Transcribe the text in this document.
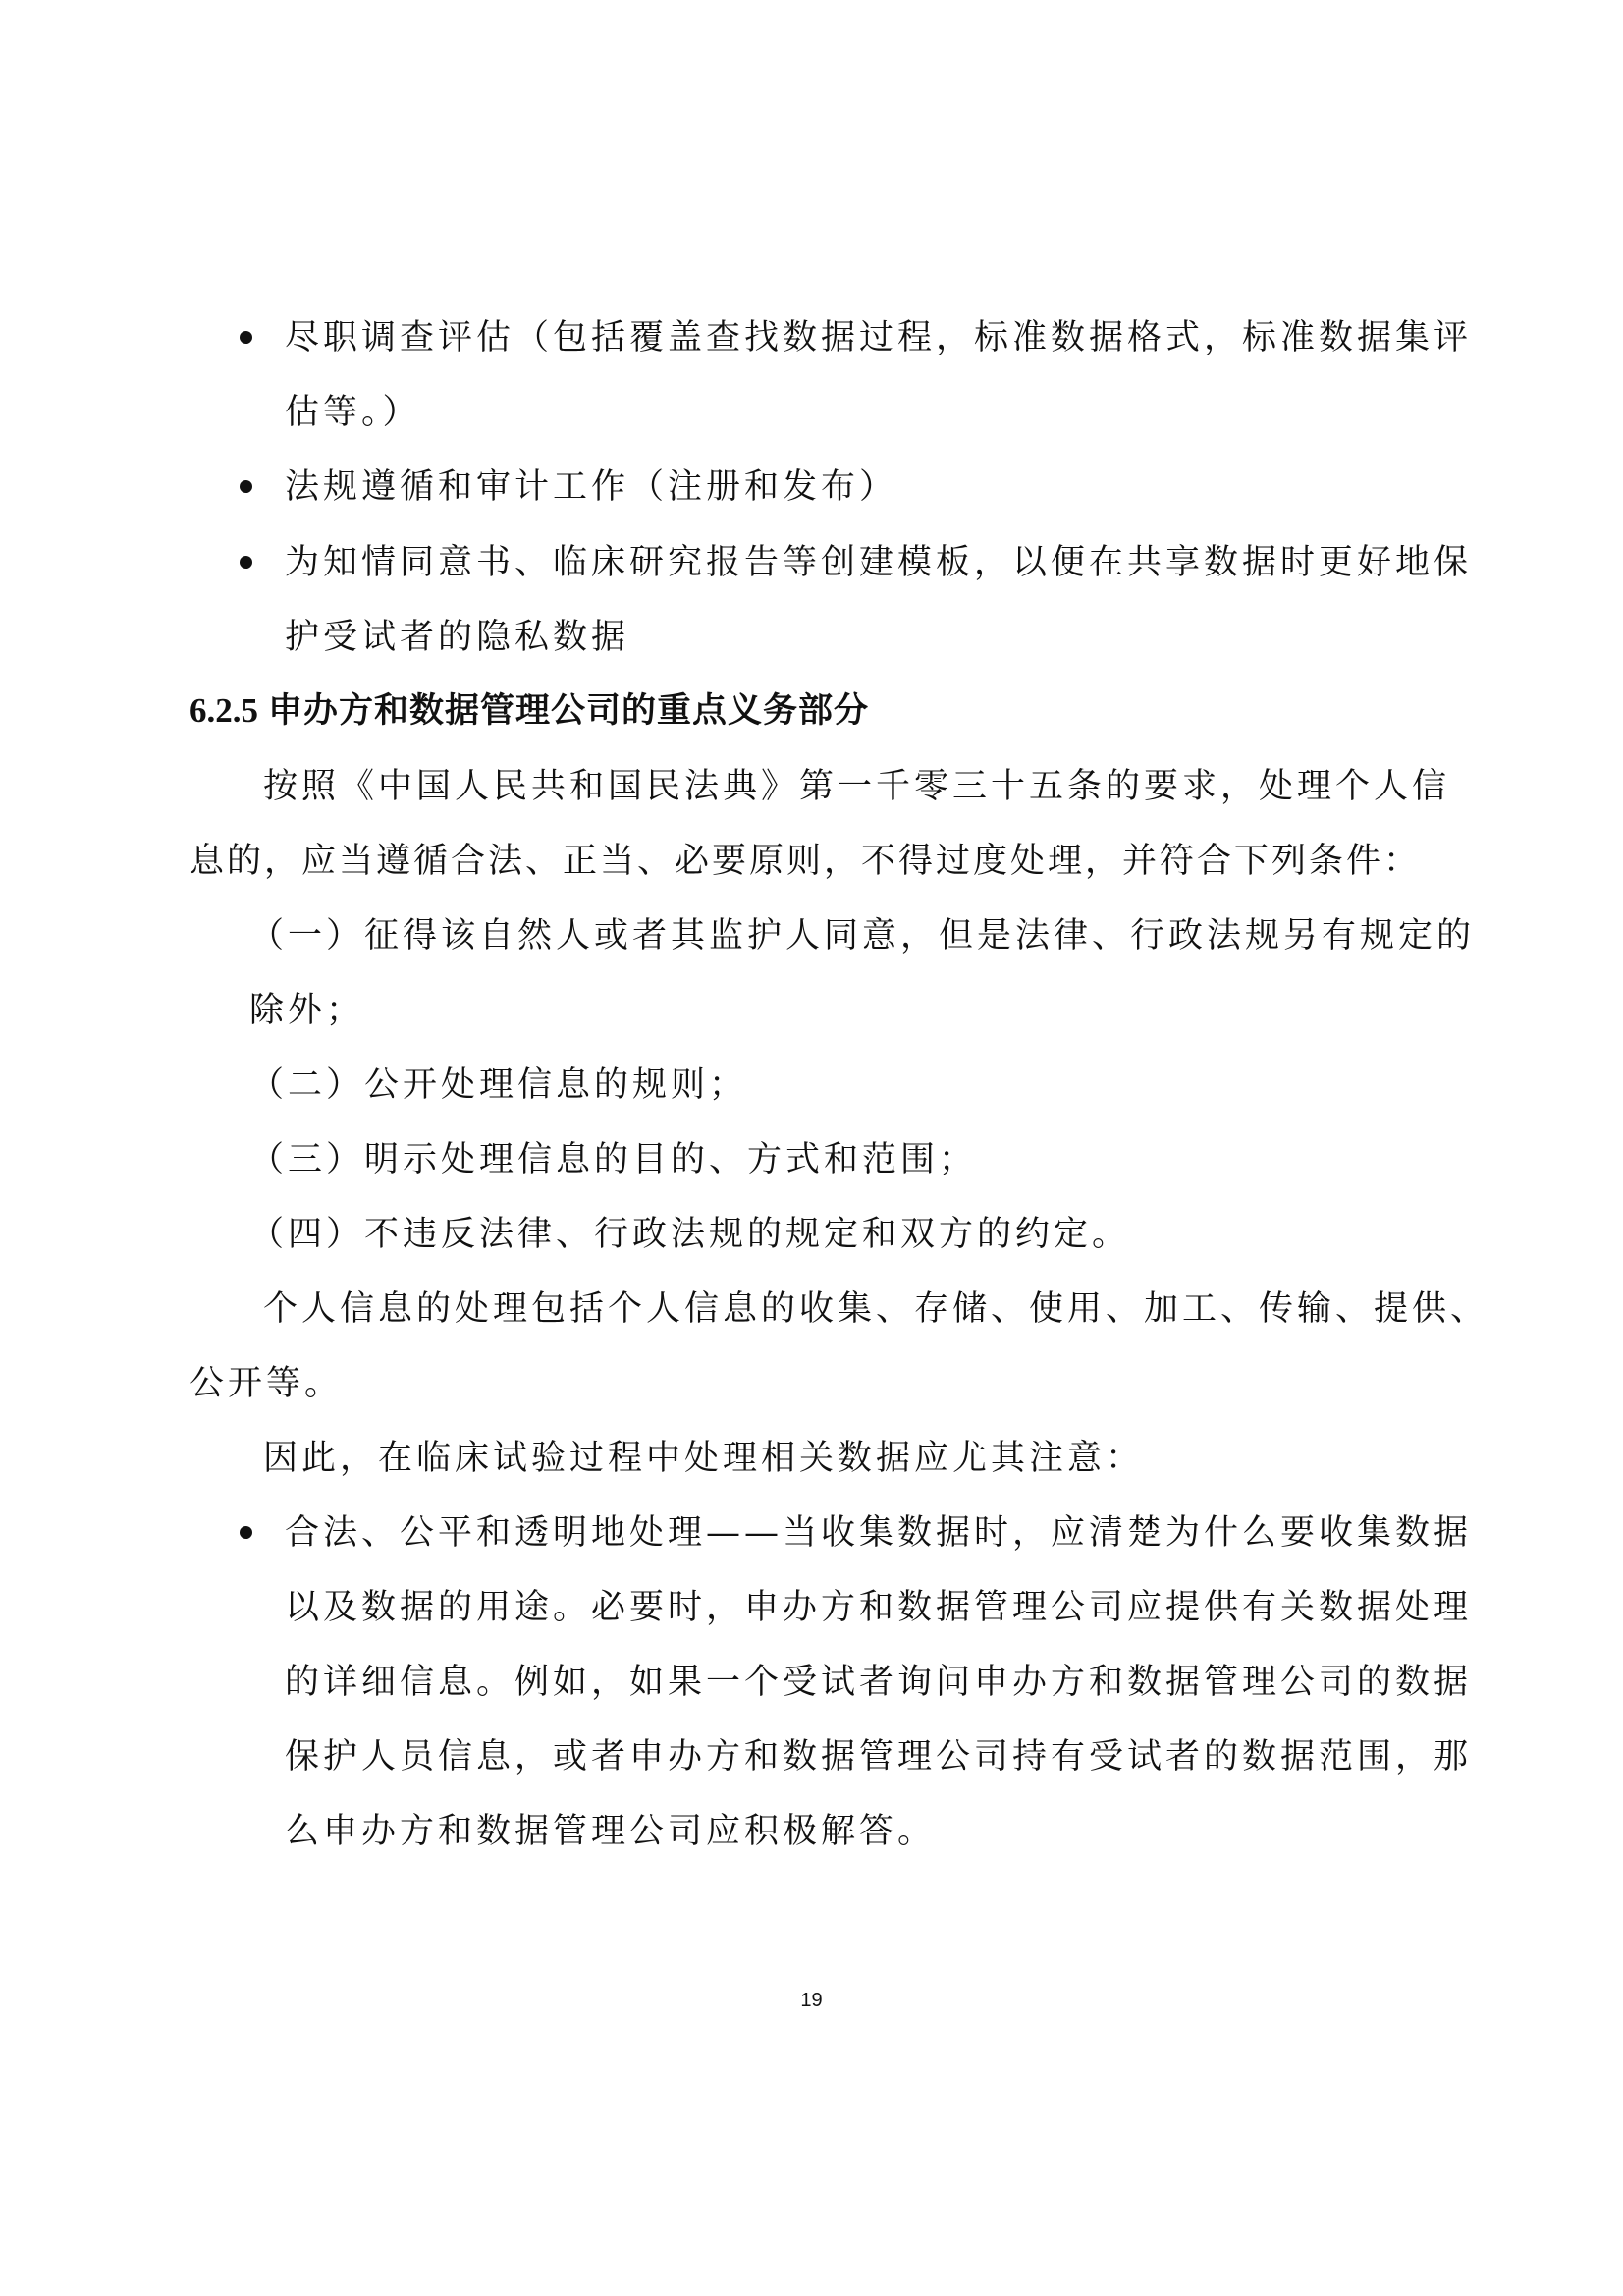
尽职调查评估（包括覆盖查找数据过程，标准数据格式，标准数据集评
估等。）
法规遵循和审计工作（注册和发布）
为知情同意书、临床研究报告等创建模板，以便在共享数据时更好地保
护受试者的隐私数据
6.2.5 申办方和数据管理公司的重点义务部分
按照《中国人民共和国民法典》第一千零三十五条的要求，处理个人信
息的，应当遵循合法、正当、必要原则，不得过度处理，并符合下列条件：
（一）征得该自然人或者其监护人同意，但是法律、行政法规另有规定的
除外；
（二）公开处理信息的规则；
（三）明示处理信息的目的、方式和范围；
（四）不违反法律、行政法规的规定和双方的约定。
个人信息的处理包括个人信息的收集、存储、使用、加工、传输、提供、
公开等。
因此，在临床试验过程中处理相关数据应尤其注意：
合法、公平和透明地处理——当收集数据时，应清楚为什么要收集数据
以及数据的用途。必要时，申办方和数据管理公司应提供有关数据处理
的详细信息。例如，如果一个受试者询问申办方和数据管理公司的数据
保护人员信息，或者申办方和数据管理公司持有受试者的数据范围，那
么申办方和数据管理公司应积极解答。
19
